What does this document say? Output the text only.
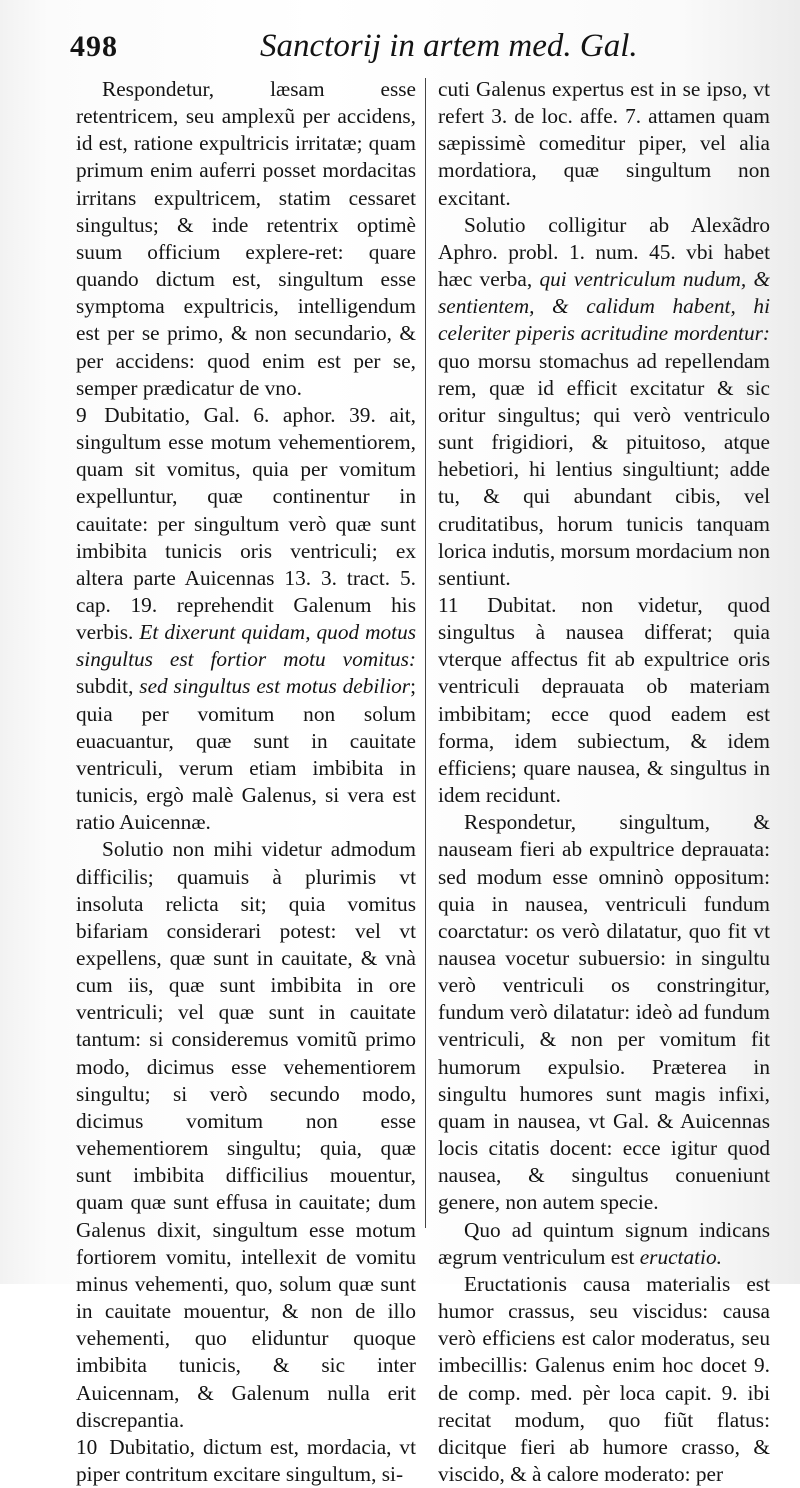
498	Sanctorij in artem med. Gal.

Respondetur, læsam esse retentricem, seu amplexũ per accidens, id est, ratione expultricis irritatæ; quam primum enim auferri posset mordacitas irritans expultricem, statim cessaret singultus; & inde retentrix optimè suum officium explere-ret: quare quando dictum est, singultum esse symptoma expultricis, intelligendum est per se primo, & non secundario, & per accidens: quod enim est per se, semper prædicatur de vno.

9 Dubitatio, Gal. 6. aphor. 39. ait, singultum esse motum vehementiorem, quam sit vomitus, quia per vomitum expelluntur, quæ continentur in cauitate: per singultum verò quæ sunt imbibita tunicis oris ventriculi; ex altera parte Auicennas 13. 3. tract. 5. cap. 19. reprehendit Galenum his verbis. Et dixerunt quidam, quod motus singultus est fortior motu vomitus: subdit, sed singultus est motus debilior; quia per vomitum non solum euacuantur, quæ sunt in cauitate ventriculi, verum etiam imbibita in tunicis, ergò malè Galenus, si vera est ratio Auicennæ.

Solutio non mihi videtur admodum difficilis; quamuis à plurimis vt insoluta relicta sit; quia vomitus bifariam considerari potest: vel vt expellens, quæ sunt in cauitate, & vnà cum iis, quæ sunt imbibita in ore ventriculi; vel quæ sunt in cauitate tantum: si consideremus vomitũ primo modo, dicimus esse vehementiorem singultu; si verò secundo modo, dicimus vomitum non esse vehementiorem singultu; quia, quæ sunt imbibita difficilius mouentur, quam quæ sunt effusa in cauitate; dum Galenus dixit, singultum esse motum fortiorem vomitu, intellexit de vomitu minus vehementi, quo, solum quæ sunt in cauitate mouentur, & non de illo vehementi, quo eliduntur quoque imbibita tunicis, & sic inter Auicennam, & Galenum nulla erit discrepantia.

10 Dubitatio, dictum est, mordacia, vt piper contritum excitare singultum, si-

cuti Galenus expertus est in se ipso, vt refert 3. de loc. affe. 7. attamen quam sæpissimè comeditur piper, vel alia mordatiora, quæ singultum non excitant.

Solutio colligitur ab Alexãdro Aphro. probl. 1. num. 45. vbi habet hæc verba, qui ventriculum nudum, & sentientem, & calidum habent, hi celeriter piperis acritudine mordentur: quo morsu stomachus ad repellendam rem, quæ id efficit excitatur & sic oritur singultus; qui verò ventriculo sunt frigidiori, & pituitoso, atque hebetiori, hi lentius singultiunt; adde tu, & qui abundant cibis, vel cruditatibus, horum tunicis tanquam lorica indutis, morsum mordacium non sentiunt.

11 Dubitat. non videtur, quod singultus à nausea differat; quia vterque affectus fit ab expultrice oris ventriculi deprauata ob materiam imbibitam; ecce quod eadem est forma, idem subiectum, & idem efficiens; quare nausea, & singultus in idem recidunt.

Respondetur, singultum, & nauseam fieri ab expultrice deprauata: sed modum esse omninò oppositum: quia in nausea, ventriculi fundum coarctatur: os verò dilatatur, quo fit vt nausea vocetur subuersio: in singultu verò ventriculi os constringitur, fundum verò dilatatur: ideò ad fundum ventriculi, & non per vomitum fit humorum expulsio. Præterea in singultu humores sunt magis infixi, quam in nausea, vt Gal. & Auicennas locis citatis docent: ecce igitur quod nausea, & singultus conueniunt genere, non autem specie.

Quo ad quintum signum indicans ægrum ventriculum est eructatio.

Eructationis causa materialis est humor crassus, seu viscidus: causa verò efficiens est calor moderatus, seu imbecillis: Galenus enim hoc docet 9. de comp. med. pèr loca capit. 9. ibi recitat modum, quo fiũt flatus: dicitque fieri ab humore crasso, & viscido, & à calore moderato: per
